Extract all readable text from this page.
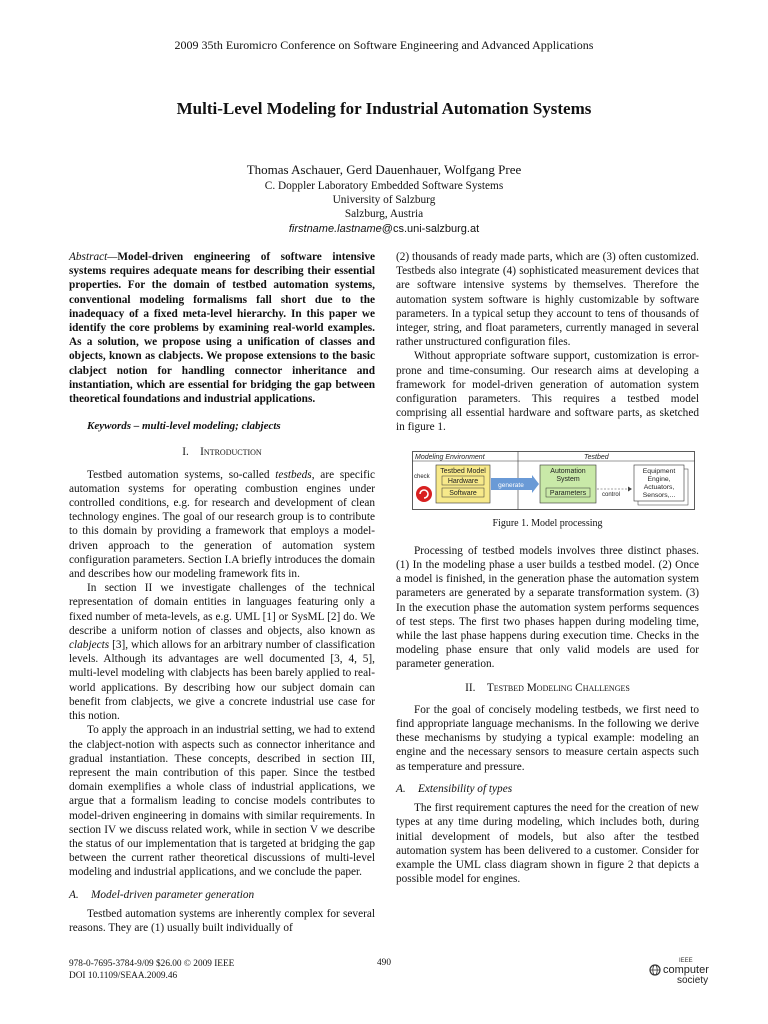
2009 35th Euromicro Conference on Software Engineering and Advanced Applications
Multi-Level Modeling for Industrial Automation Systems
Thomas Aschauer, Gerd Dauenhauer, Wolfgang Pree
C. Doppler Laboratory Embedded Software Systems
University of Salzburg
Salzburg, Austria
firstname.lastname@cs.uni-salzburg.at

Abstract—Model-driven engineering of software intensive systems requires adequate means for describing their essential properties. For the domain of testbed automation systems, conventional modeling formalisms fall short due to the inadequacy of a fixed meta-level hierarchy. In this paper we identify the core problems by examining real-world examples. As a solution, we propose using a unification of classes and objects, known as clabjects. We propose extensions to the basic clabject notion for handling connector inheritance and instantiation, which are essential for bridging the gap between theoretical foundations and industrial applications.

Keywords – multi-level modeling; clabjects

I. Introduction

Testbed automation systems, so-called testbeds, are specific automation systems for operating combustion engines under controlled conditions, e.g. for research and development of clean technology engines. The goal of our research group is to contribute to this domain by providing a framework that employs a model-driven approach to the generation of automation system configuration parameters. Section I.A briefly introduces the domain and describes how our modeling framework fits in.

In section II we investigate challenges of the technical representation of domain entities in languages featuring only a fixed number of meta-levels, as e.g. UML [1] or SysML [2] do. We describe a uniform notion of classes and objects, also known as clabjects [3], which allows for an arbitrary number of classification levels. Although its advantages are well documented [3, 4, 5], multi-level modeling with clabjects has been barely applied to real-world applications. By describing how our subject domain can benefit from clabjects, we give a concrete industrial use case for this notion.

To apply the approach in an industrial setting, we had to extend the clabject-notion with aspects such as connector inheritance and gradual instantiation. These concepts, described in section III, represent the main contribution of this paper. Since the testbed domain exemplifies a whole class of industrial applications, we argue that a formalism leading to concise models contributes to model-driven engineering in domains with similar requirements. In section IV we discuss related work, while in section V we describe the status of our implementation that is targeted at bridging the gap between the current rather theoretical discussions of multi-level modeling and industrial applications, and we conclude the paper.

A. Model-driven parameter generation

Testbed automation systems are inherently complex for several reasons. They are (1) usually built individually of

(2) thousands of ready made parts, which are (3) often customized. Testbeds also integrate (4) sophisticated measurement devices that are software intensive systems by themselves. Therefore the automation system software is highly customizable by software parameters. In a typical setup they account to tens of thousands of integer, string, and float parameters, currently managed in several rather unstructured configuration files.

Without appropriate software support, customization is error-prone and time-consuming. Our research aims at developing a framework for model-driven generation of automation system configuration parameters. This requires a testbed model comprising all essential hardware and software parts, as sketched in figure 1.

Modeling Environment	Testbed
check
Testbed Model
Hardware
Software
generate
Automation
System
Parameters	control
Equipment
Engine,
Actuators,
Sensors,...

Figure 1. Model processing

Processing of testbed models involves three distinct phases. (1) In the modeling phase a user builds a testbed model. (2) Once a model is finished, in the generation phase the automation system parameters are generated by a separate transformation system. (3) In the execution phase the automation system performs sequences of test steps. The first two phases happen during modeling time, while the last phase happens during execution time. Checks in the modeling phase ensure that only valid models are used for parameter generation.

II. Testbed Modeling Challenges

For the goal of concisely modeling testbeds, we first need to find appropriate language mechanisms. In the following we derive these mechanisms by studying a typical example: modeling an engine and the necessary sensors to measure certain aspects such as temperature and pressure.

A. Extensibility of types

The first requirement captures the need for the creation of new types at any time during modeling, which includes both, during initial development of models, but also after the testbed automation system has been delivered to a customer. Consider for example the UML class diagram shown in figure 2 that depicts a possible model for engines.

978-0-7695-3784-9/09 $26.00 © 2009 IEEE
DOI 10.1109/SEAA.2009.46
490	IEEE
computer
society
